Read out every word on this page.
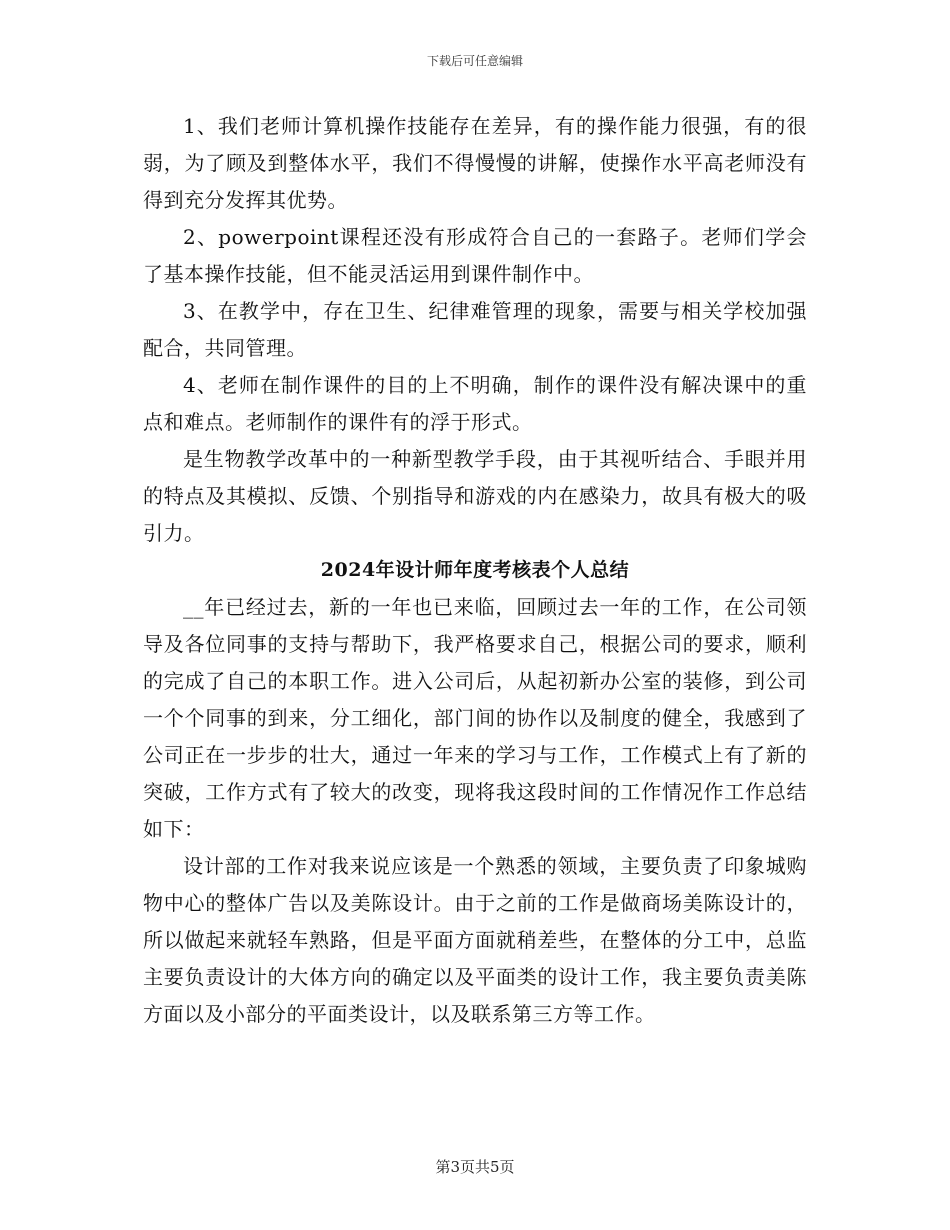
下载后可任意编辑

1、我们老师计算机操作技能存在差异，有的操作能力很强，有的很弱，为了顾及到整体水平，我们不得慢慢的讲解，使操作水平高老师没有得到充分发挥其优势。

2、powerpoint课程还没有形成符合自己的一套路子。老师们学会了基本操作技能，但不能灵活运用到课件制作中。

3、在教学中，存在卫生、纪律难管理的现象，需要与相关学校加强配合，共同管理。

4、老师在制作课件的目的上不明确，制作的课件没有解决课中的重点和难点。老师制作的课件有的浮于形式。

是生物教学改革中的一种新型教学手段，由于其视听结合、手眼并用的特点及其模拟、反馈、个别指导和游戏的内在感染力，故具有极大的吸引力。

2024年设计师年度考核表个人总结

__年已经过去，新的一年也已来临，回顾过去一年的工作，在公司领导及各位同事的支持与帮助下，我严格要求自己，根据公司的要求，顺利的完成了自己的本职工作。进入公司后，从起初新办公室的装修，到公司一个个同事的到来，分工细化，部门间的协作以及制度的健全，我感到了公司正在一步步的壮大，通过一年来的学习与工作，工作模式上有了新的突破，工作方式有了较大的改变，现将我这段时间的工作情况作工作总结如下：

设计部的工作对我来说应该是一个熟悉的领域，主要负责了印象城购物中心的整体广告以及美陈设计。由于之前的工作是做商场美陈设计的，所以做起来就轻车熟路，但是平面方面就稍差些，在整体的分工中，总监主要负责设计的大体方向的确定以及平面类的设计工作，我主要负责美陈方面以及小部分的平面类设计，以及联系第三方等工作。

第3页共5页
